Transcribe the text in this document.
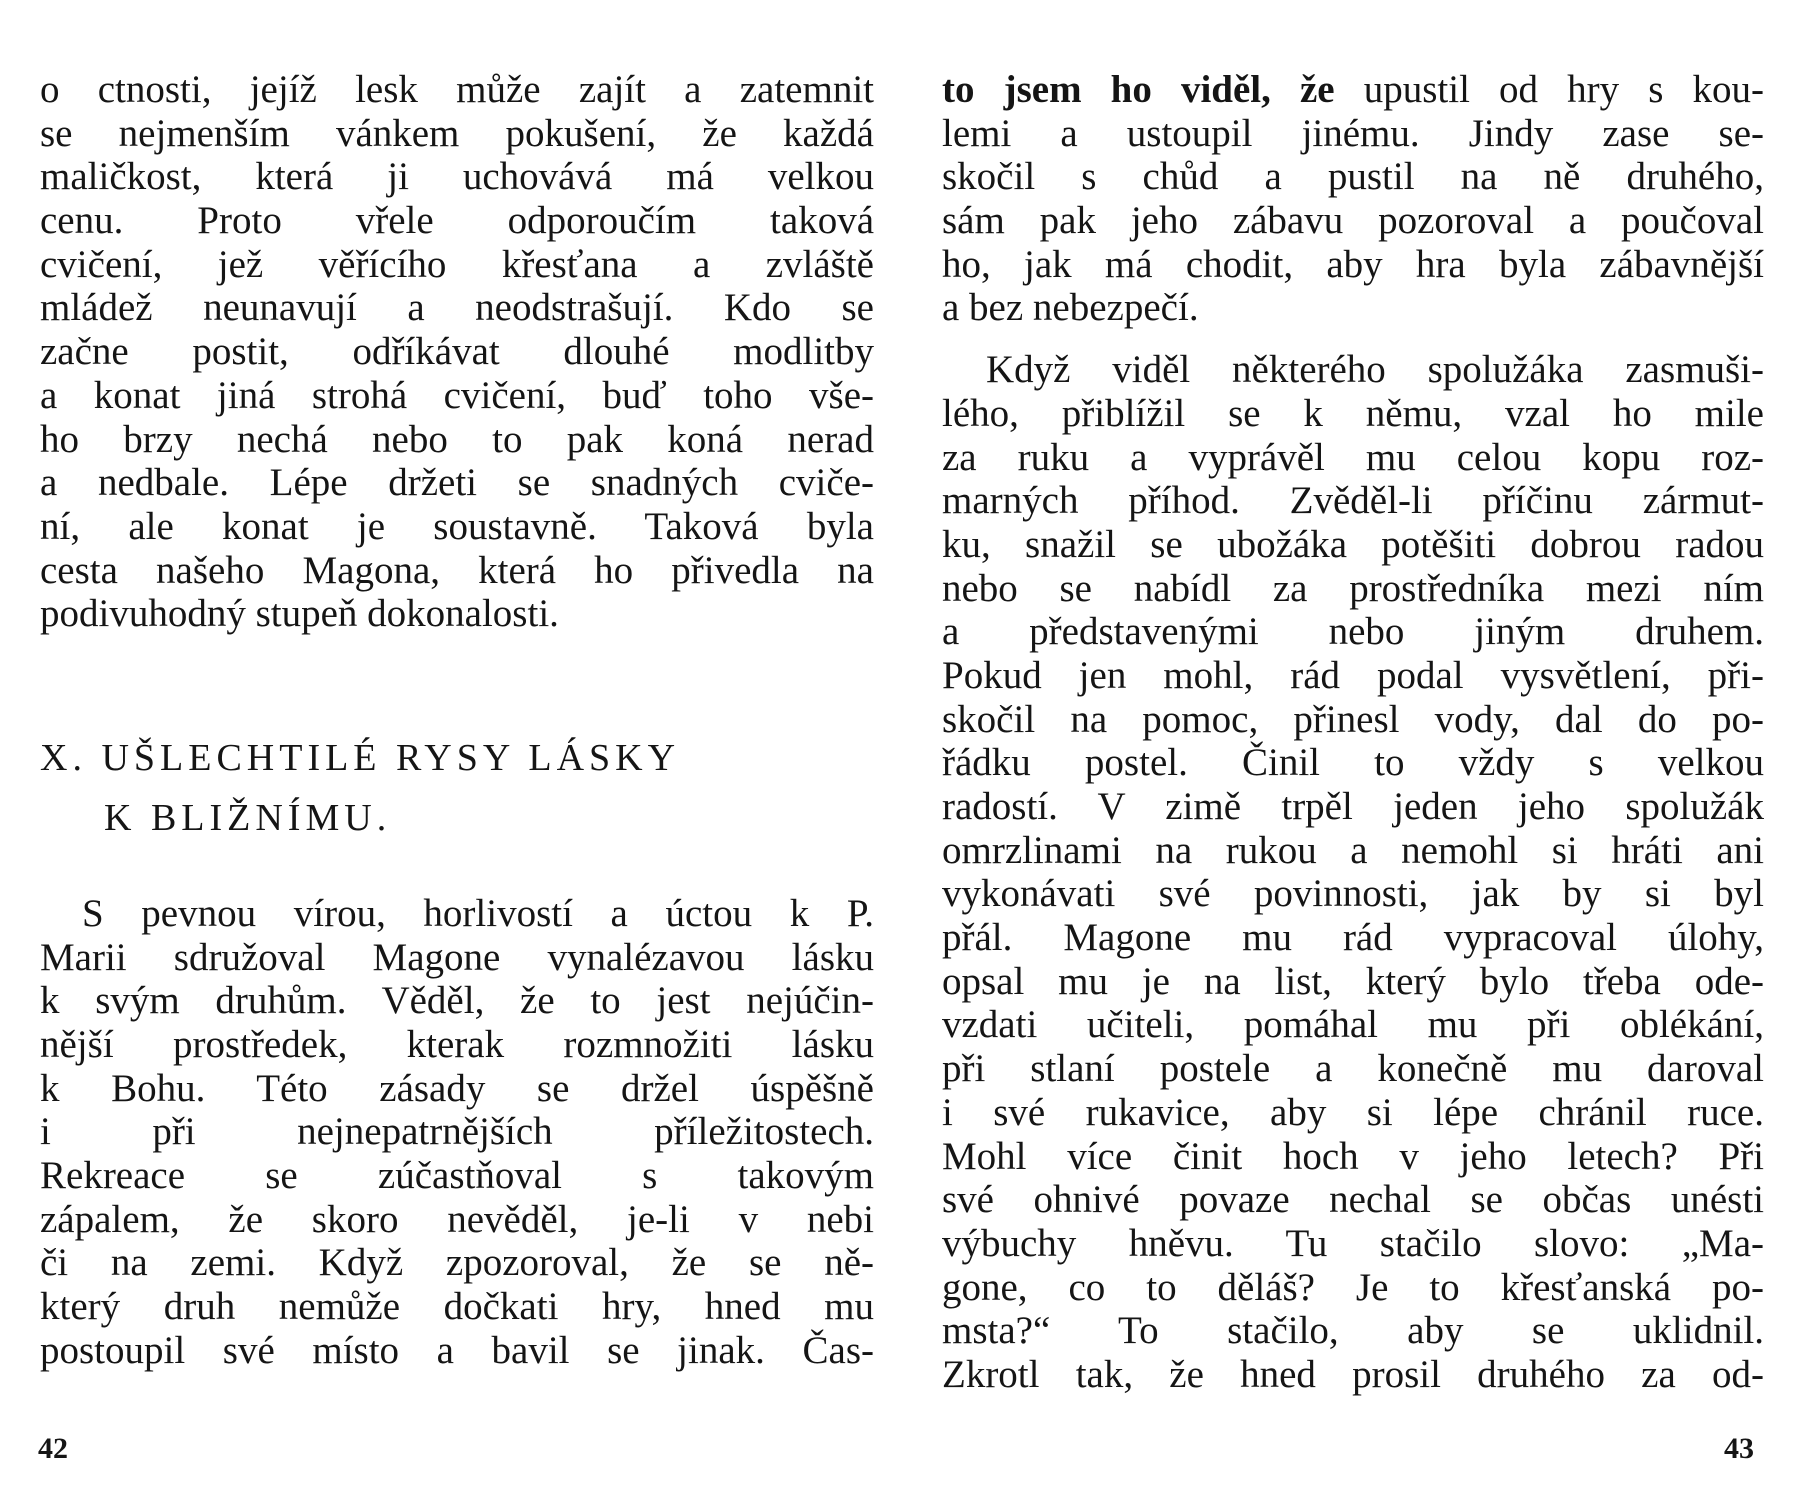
o ctnosti, jejíž lesk může zajít a zatemnit
se nejmenším vánkem pokušení, že každá
maličkost, která ji uchovává má velkou
cenu. Proto vřele odporoučím taková
cvičení, jež věřícího křesťana a zvláště
mládež neunavují a neodstrašují. Kdo se
začne postit, odříkávat dlouhé modlitby
a konat jiná strohá cvičení, buď toho vše-
ho brzy nechá nebo to pak koná nerad
a nedbale. Lépe držeti se snadných cviče-
ní, ale konat je soustavně. Taková byla
cesta našeho Magona, která ho přivedla na
podivuhodný stupeň dokonalosti.
X. UŠLECHTILÉ RYSY LÁSKY
K BLIŽNÍMU.
S pevnou vírou, horlivostí a úctou k P.
Marii sdružoval Magone vynalézavou lásku
k svým druhům. Věděl, že to jest nejúčin-
nější prostředek, kterak rozmnožiti lásku
k Bohu. Této zásady se držel úspěšně
i při nejnepatrnějších příležitostech.
Rekreace se zúčastňoval s takovým
zápalem, že skoro nevěděl, je-li v nebi
či na zemi. Když zpozoroval, že se ně-
který druh nemůže dočkati hry, hned mu
postoupil své místo a bavil se jinak. Čas-
42
to jsem ho viděl, že upustil od hry s kou-
lemi a ustoupil jinému. Jindy zase se-
skočil s chůd a pustil na ně druhého,
sám pak jeho zábavu pozoroval a poučoval
ho, jak má chodit, aby hra byla zábavnější
a bez nebezpečí.
Když viděl některého spolužáka zasmuši-
lého, přiblížil se k němu, vzal ho mile
za ruku a vyprávěl mu celou kopu roz-
marných příhod. Zvěděl-li příčinu zármut-
ku, snažil se ubožáka potěšiti dobrou radou
nebo se nabídl za prostředníka mezi ním
a představenými nebo jiným druhem.
Pokud jen mohl, rád podal vysvětlení, při-
skočil na pomoc, přinesl vody, dal do po-
řádku postel. Činil to vždy s velkou
radostí. V zimě trpěl jeden jeho spolužák
omrzlinami na rukou a nemohl si hráti ani
vykonávati své povinnosti, jak by si byl
přál. Magone mu rád vypracoval úlohy,
opsal mu je na list, který bylo třeba ode-
vzdati učiteli, pomáhal mu při oblékání,
při stlaní postele a konečně mu daroval
i své rukavice, aby si lépe chránil ruce.
Mohl více činit hoch v jeho letech? Při
své ohnivé povaze nechal se občas unésti
výbuchy hněvu. Tu stačilo slovo: „Ma-
gone, co to děláš? Je to křesťanská po-
msta?“ To stačilo, aby se uklidnil.
Zkrotl tak, že hned prosil druhého za od-
43
